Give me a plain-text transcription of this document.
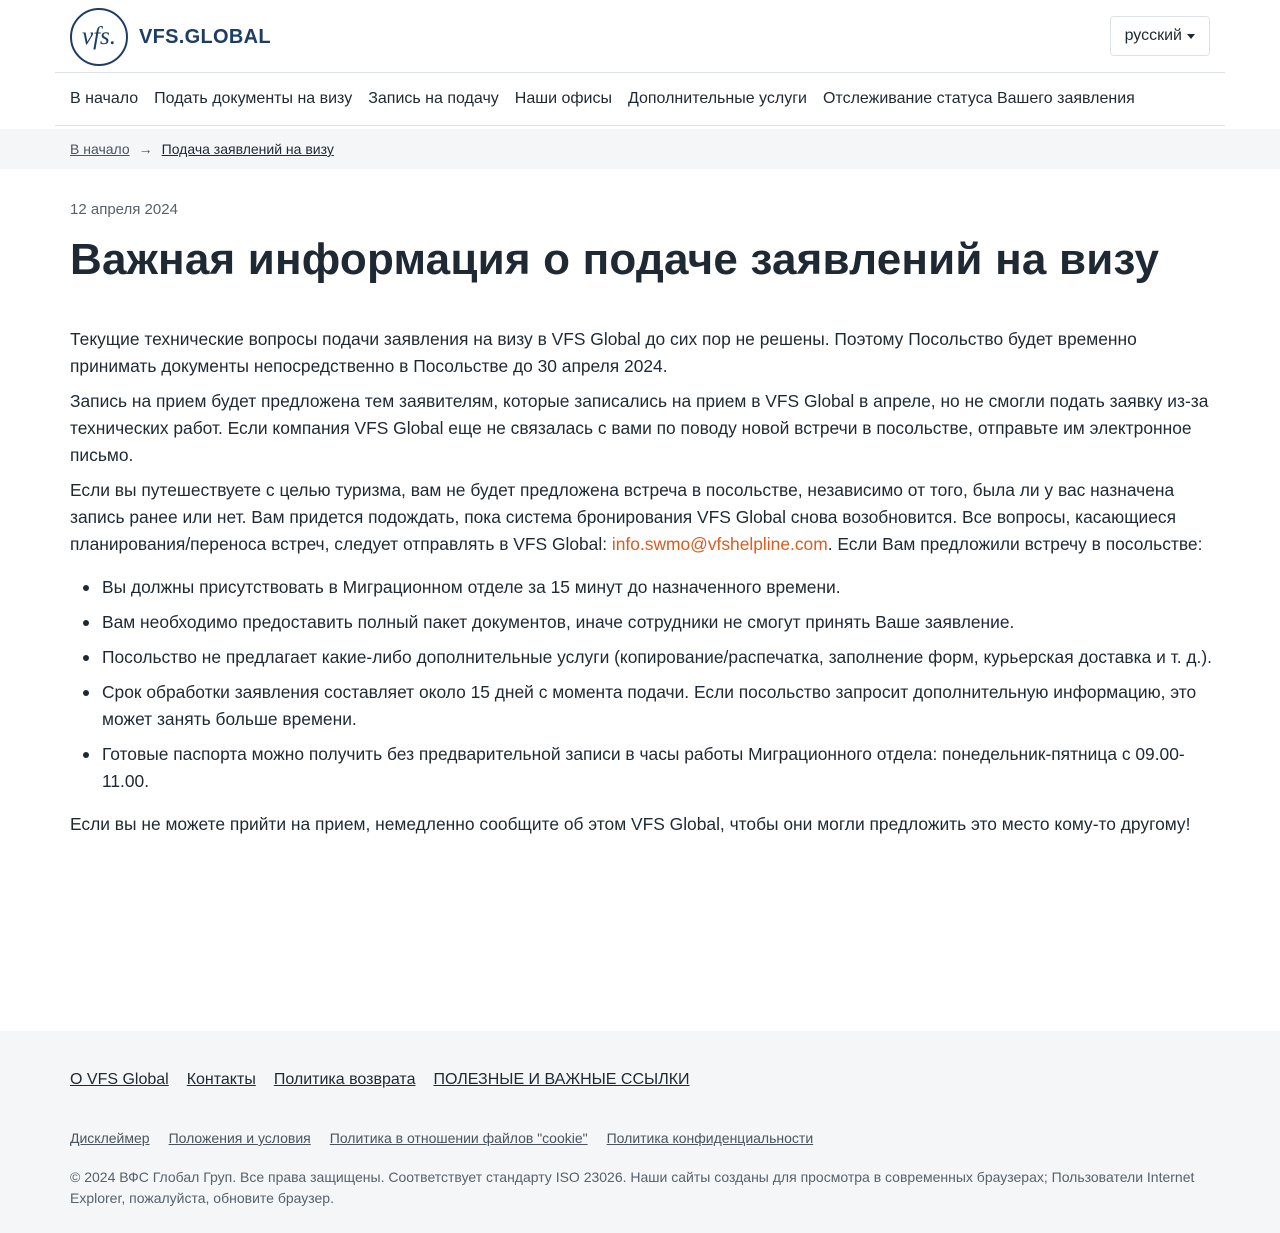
vfs.	VFS.GLOBAL	русский
В начало Подать документы на визу Запись на подачу Наши офисы Дополнительные услуги Отслеживание статуса Вашего заявления
В начало → Подача заявлений на визу
12 апреля 2024
Важная информация о подаче заявлений на визу

Текущие технические вопросы подачи заявления на визу в VFS Global до сих пор не решены. Поэтому Посольство будет временно принимать документы непосредственно в Посольстве до 30 апреля 2024.

Запись на прием будет предложена тем заявителям, которые записались на прием в VFS Global в апреле, но не смогли подать заявку из-за технических работ. Если компания VFS Global еще не связалась с вами по поводу новой встречи в посольстве, отправьте им электронное письмо.

Если вы путешествуете с целью туризма, вам не будет предложена встреча в посольстве, независимо от того, была ли у вас назначена запись ранее или нет. Вам придется подождать, пока система бронирования VFS Global снова возобновится. Все вопросы, касающиеся планирования/переноса встреч, следует отправлять в VFS Global: info.swmo@vfshelpline.com. Если Вам предложили встречу в посольстве:

Вы должны присутствовать в Миграционном отделе за 15 минут до назначенного времени.
Вам необходимо предоставить полный пакет документов, иначе сотрудники не смогут принять Ваше заявление.
Посольство не предлагает какие-либо дополнительные услуги (копирование/распечатка, заполнение форм, курьерская доставка и т. д.).
Срок обработки заявления составляет около 15 дней с момента подачи. Если посольство запросит дополнительную информацию, это может занять больше времени.
Готовые паспорта можно получить без предварительной записи в часы работы Миграционного отдела: понедельник-пятница с 09.00-11.00.

Если вы не можете прийти на прием, немедленно сообщите об этом VFS Global, чтобы они могли предложить это место кому-то другому!

О VFS Global Контакты Политика возврата ПОЛЕЗНЫЕ И ВАЖНЫЕ ССЫЛКИ
Дисклеймер Положения и условия Политика в отношении файлов "cookie" Политика конфиденциальности

© 2024 ВФС Глобал Груп. Все права защищены. Соответствует стандарту ISO 23026. Наши сайты созданы для просмотра в современных браузерах; Пользователи Internet Explorer, пожалуйста, обновите браузер.
